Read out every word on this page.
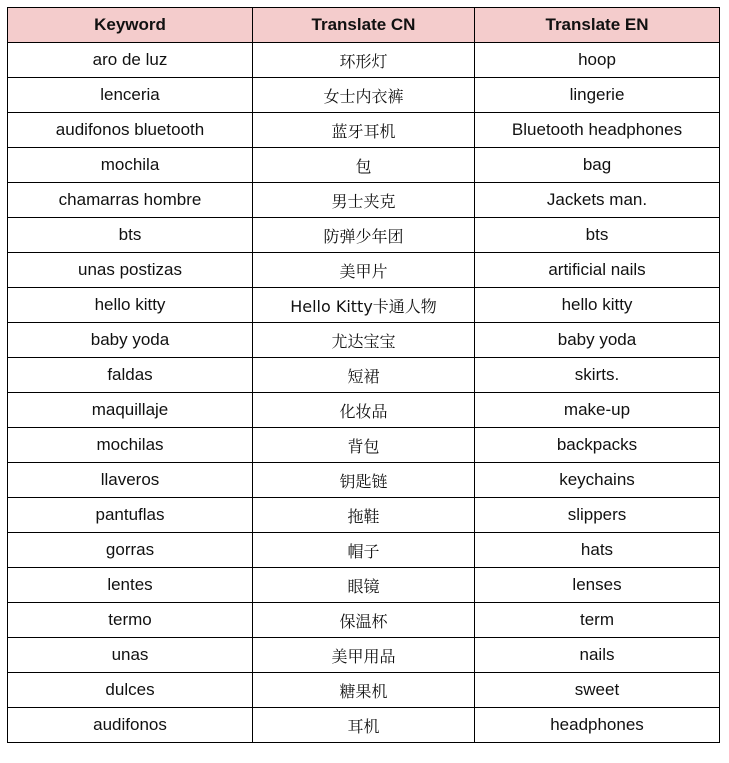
Keyword	Translate CN	Translate EN
aro de luz	环形灯	hoop
lenceria	女士内衣裤	lingerie
audifonos bluetooth	蓝牙耳机	Bluetooth headphones
mochila	包	bag
chamarras hombre	男士夹克	Jackets man.
bts	防弹少年团	bts
unas postizas	美甲片	artificial nails
hello kitty	Hello Kitty卡通人物	hello kitty
baby yoda	尤达宝宝	baby yoda
faldas	短裙	skirts.
maquillaje	化妆品	make-up
mochilas	背包	backpacks
llaveros	钥匙链	keychains
pantuflas	拖鞋	slippers
gorras	帽子	hats
lentes	眼镜	lenses
termo	保温杯	term
unas	美甲用品	nails
dulces	糖果机	sweet
audifonos	耳机	headphones
